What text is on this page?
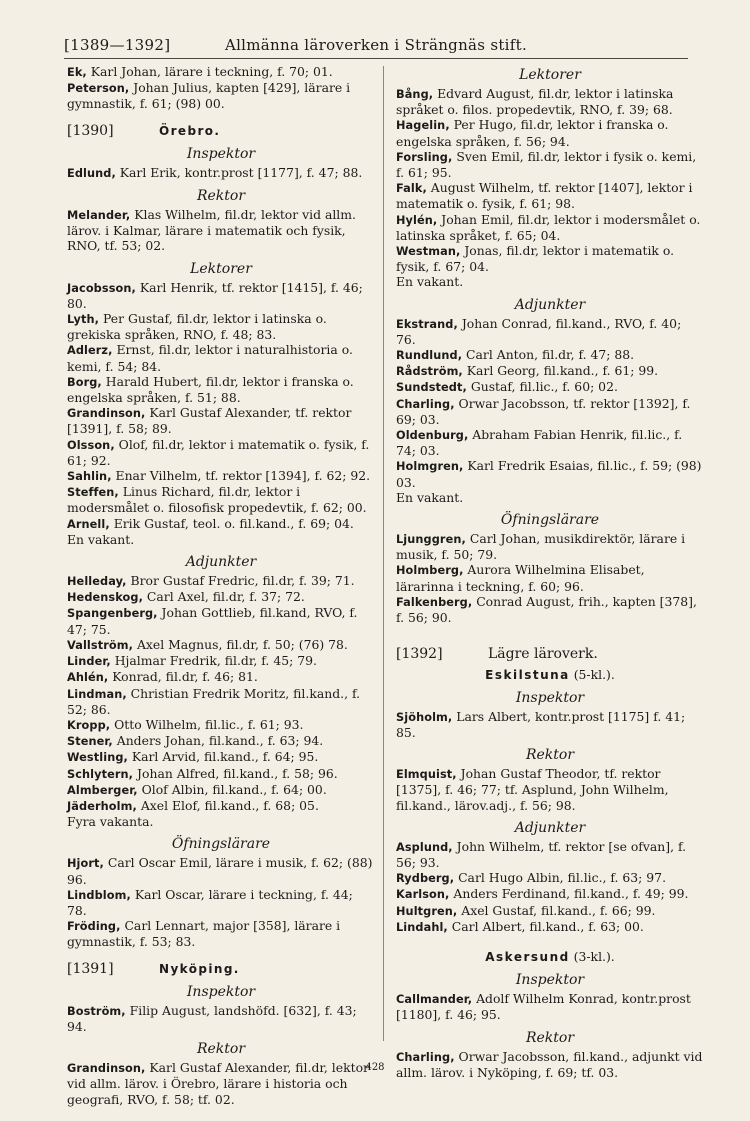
[1389—1392]	Allmänna läroverken i Strängnäs stift.

Ek, Karl Johan, lärare i teckning, f. 70; 01.

Peterson, Johan Julius, kapten [429], lärare i gymnastik, f. 61; (98) 00.

[1390]	Örebro.
Inspektor

Edlund, Karl Erik, kontr.prost [1177], f. 47; 88.

Rektor

Melander, Klas Wilhelm, fil.dr, lektor vid allm. lärov. i Kalmar, lärare i matematik och fysik, RNO, tf. 53; 02.

Lektorer

Jacobsson, Karl Henrik, tf. rektor [1415], f. 46; 80.

Lyth, Per Gustaf, fil.dr, lektor i latinska o. grekiska språken, RNO, f. 48; 83.

Adlerz, Ernst, fil.dr, lektor i naturalhistoria o. kemi, f. 54; 84.

Borg, Harald Hubert, fil.dr, lektor i franska o. engelska språken, f. 51; 88.

Grandinson, Karl Gustaf Alexander, tf. rektor [1391], f. 58; 89.

Olsson, Olof, fil.dr, lektor i matematik o. fysik, f. 61; 92.

Sahlin, Enar Vilhelm, tf. rektor [1394], f. 62; 92.

Steffen, Linus Richard, fil.dr, lektor i modersmålet o. filosofisk propedevtik, f. 62; 00.

Arnell, Erik Gustaf, teol. o. fil.kand., f. 69; 04.

En vakant.
Adjunkter

Helleday, Bror Gustaf Fredric, fil.dr, f. 39; 71.

Hedenskog, Carl Axel, fil.dr, f. 37; 72.

Spangenberg, Johan Gottlieb, fil.kand, RVO, f. 47; 75.

Vallström, Axel Magnus, fil.dr, f. 50; (76) 78.

Linder, Hjalmar Fredrik, fil.dr, f. 45; 79.

Ahlén, Konrad, fil.dr, f. 46; 81.

Lindman, Christian Fredrik Moritz, fil.kand., f. 52; 86.

Kropp, Otto Wilhelm, fil.lic., f. 61; 93.

Stener, Anders Johan, fil.kand., f. 63; 94.

Westling, Karl Arvid, fil.kand., f. 64; 95.

Schlytern, Johan Alfred, fil.kand., f. 58; 96.

Almberger, Olof Albin, fil.kand., f. 64; 00.

Jäderholm, Axel Elof, fil.kand., f. 68; 05.

Fyra vakanta.
Öfningslärare

Hjort, Carl Oscar Emil, lärare i musik, f. 62; (88) 96.

Lindblom, Karl Oscar, lärare i teckning, f. 44; 78.

Fröding, Carl Lennart, major [358], lärare i gymnastik, f. 53; 83.

[1391]	Nyköping.
Inspektor

Boström, Filip August, landshöfd. [632], f. 43; 94.

Rektor

Grandinson, Karl Gustaf Alexander, fil.dr, lektor vid allm. lärov. i Örebro, lärare i historia och geografi, RVO, f. 58; tf. 02.

Lektorer

Bång, Edvard August, fil.dr, lektor i latinska språket o. filos. propedevtik, RNO, f. 39; 68.

Hagelin, Per Hugo, fil.dr, lektor i franska o. engelska språken, f. 56; 94.

Forsling, Sven Emil, fil.dr, lektor i fysik o. kemi, f. 61; 95.

Falk, August Wilhelm, tf. rektor [1407], lektor i matematik o. fysik, f. 61; 98.

Hylén, Johan Emil, fil.dr, lektor i modersmålet o. latinska språket, f. 65; 04.

Westman, Jonas, fil.dr, lektor i matematik o. fysik, f. 67; 04.

En vakant.
Adjunkter

Ekstrand, Johan Conrad, fil.kand., RVO, f. 40; 76.

Rundlund, Carl Anton, fil.dr, f. 47; 88.

Rådström, Karl Georg, fil.kand., f. 61; 99.

Sundstedt, Gustaf, fil.lic., f. 60; 02.

Charling, Orwar Jacobsson, tf. rektor [1392], f. 69; 03.

Oldenburg, Abraham Fabian Henrik, fil.lic., f. 74; 03.

Holmgren, Karl Fredrik Esaias, fil.lic., f. 59; (98) 03.

En vakant.
Öfningslärare

Ljunggren, Carl Johan, musikdirektör, lärare i musik, f. 50; 79.

Holmberg, Aurora Wilhelmina Elisabet, lärarinna i teckning, f. 60; 96.

Falkenberg, Conrad August, frih., kapten [378], f. 56; 90.

[1392]	Lägre läroverk.
Eskilstuna (5-kl.).
Inspektor

Sjöholm, Lars Albert, kontr.prost [1175] f. 41; 85.

Rektor

Elmquist, Johan Gustaf Theodor, tf. rektor [1375], f. 46; 77; tf. Asplund, John Wilhelm, fil.kand., lärov.adj., f. 56; 98.

Adjunkter

Asplund, John Wilhelm, tf. rektor [se ofvan], f. 56; 93.

Rydberg, Carl Hugo Albin, fil.lic., f. 63; 97.

Karlson, Anders Ferdinand, fil.kand., f. 49; 99.

Hultgren, Axel Gustaf, fil.kand., f. 66; 99.

Lindahl, Carl Albert, fil.kand., f. 63; 00.

Askersund (3-kl.).
Inspektor

Callmander, Adolf Wilhelm Konrad, kontr.prost [1180], f. 46; 95.

Rektor

Charling, Orwar Jacobsson, fil.kand., adjunkt vid allm. lärov. i Nyköping, f. 69; tf. 03.

428
